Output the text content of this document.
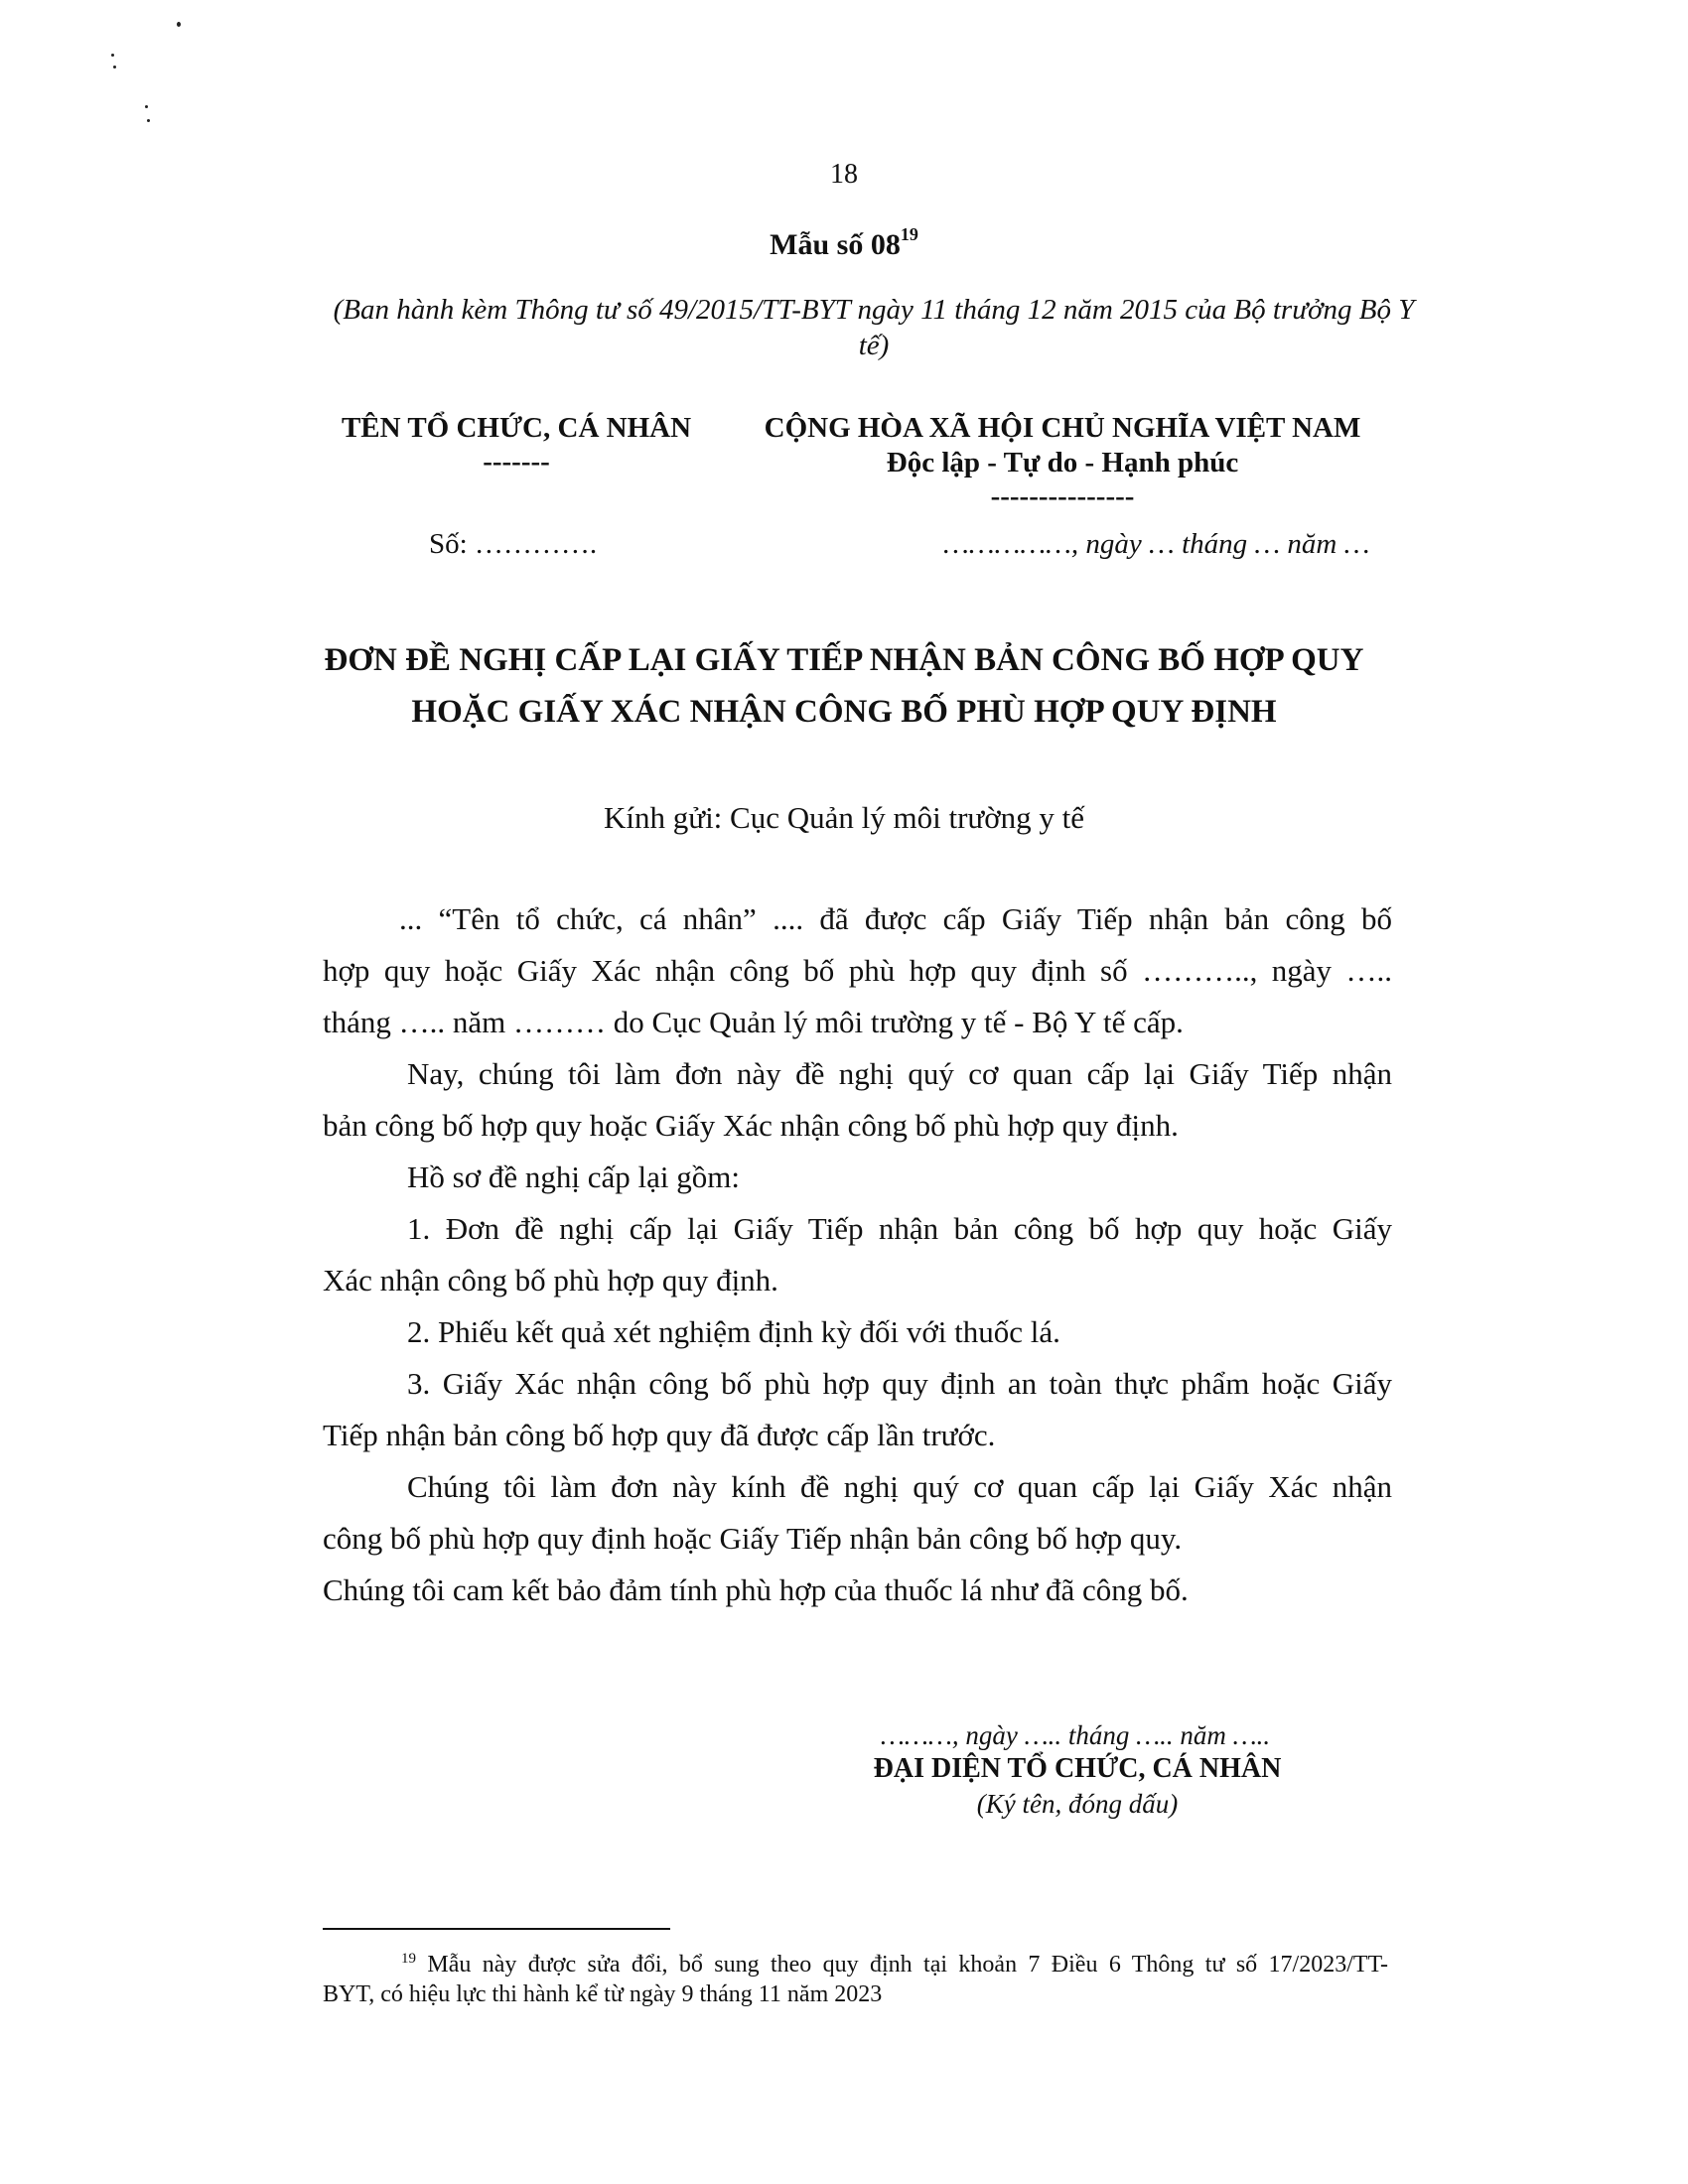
18
Mẫu số $08^{19}$
(Ban hành kèm Thông tư số 49/2015/TT-BYT ngày 11 tháng 12 năm 2015 của Bộ trưởng Bộ Y tế)
TÊN TỔ CHỨC, CÁ NHÂN
-------
CỘNG HÒA XÃ HỘI CHỦ NGHĨA VIỆT NAM
Độc lập - Tự do - Hạnh phúc
---------------
Số: ………….	……………, ngày … tháng … năm …
ĐƠN ĐỀ NGHỊ CẤP LẠI GIẤY TIẾP NHẬN BẢN CÔNG BỐ HỢP QUY
HOẶC GIẤY XÁC NHẬN CÔNG BỐ PHÙ HỢP QUY ĐỊNH
Kính gửi: Cục Quản lý môi trường y tế
... “Tên tổ chức, cá nhân” .... đã được cấp Giấy Tiếp nhận bản công bố
hợp quy hoặc Giấy Xác nhận công bố phù hợp quy định số ……….., ngày …..
tháng ….. năm ……… do Cục Quản lý môi trường y tế - Bộ Y tế cấp.
Nay, chúng tôi làm đơn này đề nghị quý cơ quan cấp lại Giấy Tiếp nhận
bản công bố hợp quy hoặc Giấy Xác nhận công bố phù hợp quy định.
Hồ sơ đề nghị cấp lại gồm:
1. Đơn đề nghị cấp lại Giấy Tiếp nhận bản công bố hợp quy hoặc Giấy
Xác nhận công bố phù hợp quy định.
2. Phiếu kết quả xét nghiệm định kỳ đối với thuốc lá.
3. Giấy Xác nhận công bố phù hợp quy định an toàn thực phẩm hoặc Giấy
Tiếp nhận bản công bố hợp quy đã được cấp lần trước.
Chúng tôi làm đơn này kính đề nghị quý cơ quan cấp lại Giấy Xác nhận
công bố phù hợp quy định hoặc Giấy Tiếp nhận bản công bố hợp quy.
Chúng tôi cam kết bảo đảm tính phù hợp của thuốc lá như đã công bố.
………, ngày ….. tháng ….. năm …..
ĐẠI DIỆN TỔ CHỨC, CÁ NHÂN
(Ký tên, đóng dấu)
$^{19}$ Mẫu này được sửa đổi, bổ sung theo quy định tại khoản 7 Điều 6 Thông tư số 17/2023/TT-
BYT, có hiệu lực thi hành kể từ ngày 9 tháng 11 năm 2023
